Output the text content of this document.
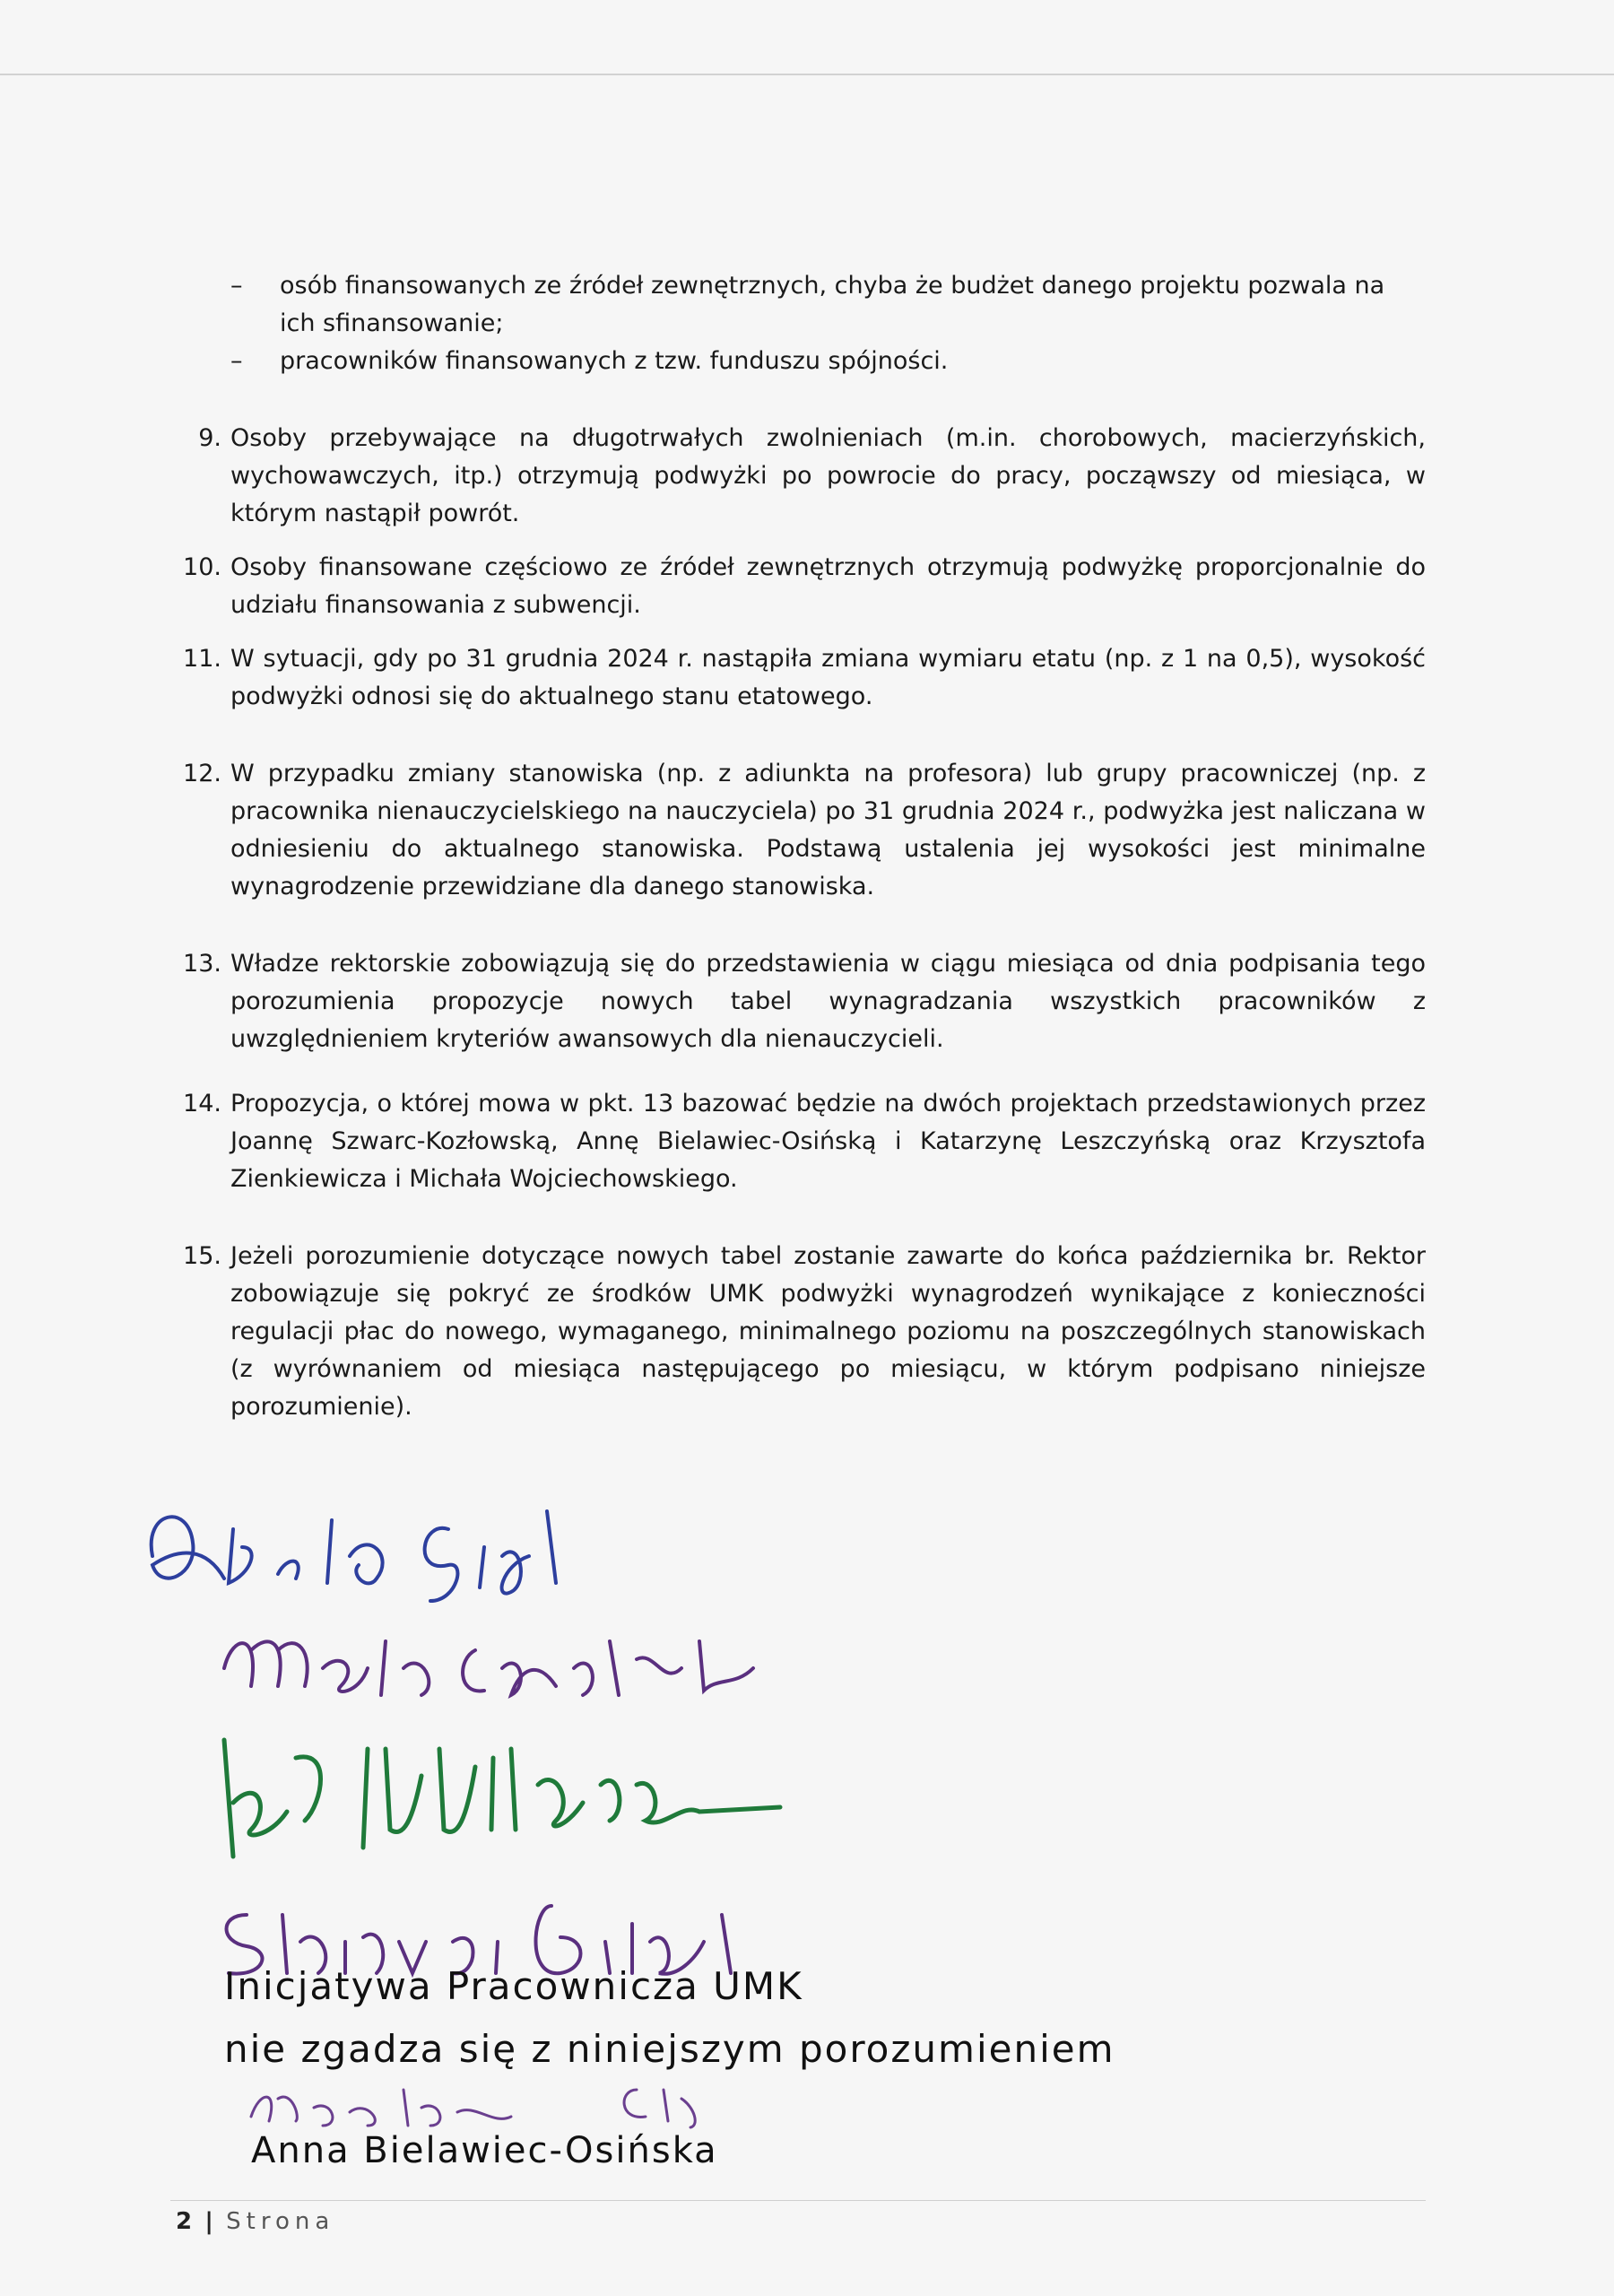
– osób finansowanych ze źródeł zewnętrznych, chyba że budżet danego projektu pozwala na ich sfinansowanie;
– pracowników finansowanych z tzw. funduszu spójności.
9. Osoby przebywające na długotrwałych zwolnieniach (m.in. chorobowych, macierzyńskich, wychowawczych, itp.) otrzymują podwyżki po powrocie do pracy, począwszy od miesiąca, w którym nastąpił powrót.
10. Osoby finansowane częściowo ze źródeł zewnętrznych otrzymują podwyżkę proporcjonalnie do udziału finansowania z subwencji.
11. W sytuacji, gdy po 31 grudnia 2024 r. nastąpiła zmiana wymiaru etatu (np. z 1 na 0,5), wysokość podwyżki odnosi się do aktualnego stanu etatowego.
12. W przypadku zmiany stanowiska (np. z adiunkta na profesora) lub grupy pracowniczej (np. z pracownika nienauczycielskiego na nauczyciela) po 31 grudnia 2024 r., podwyżka jest naliczana w odniesieniu do aktualnego stanowiska. Podstawą ustalenia jej wysokości jest minimalne wynagrodzenie przewidziane dla danego stanowiska.
13. Władze rektorskie zobowiązują się do przedstawienia w ciągu miesiąca od dnia podpisania tego porozumienia propozycje nowych tabel wynagradzania wszystkich pracowników z uwzględnieniem kryteriów awansowych dla nienauczycieli.
14. Propozycja, o której mowa w pkt. 13 bazować będzie na dwóch projektach przedstawionych przez Joannę Szwarc-Kozłowską, Annę Bielawiec-Osińską i Katarzynę Leszczyńską oraz Krzysztofa Zienkiewicza i Michała Wojciechowskiego.
15. Jeżeli porozumienie dotyczące nowych tabel zostanie zawarte do końca października br. Rektor zobowiązuje się pokryć ze środków UMK podwyżki wynagrodzeń wynikające z konieczności regulacji płac do nowego, wymaganego, minimalnego poziomu na poszczególnych stanowiskach (z wyrównaniem od miesiąca następującego po miesiącu, w którym podpisano niniejsze porozumienie).
Inicjatywa Pracownicza UMK
nie zgadza się z niniejszym porozumieniem
Anna Bielawiec-Osińska
2 | Strona
